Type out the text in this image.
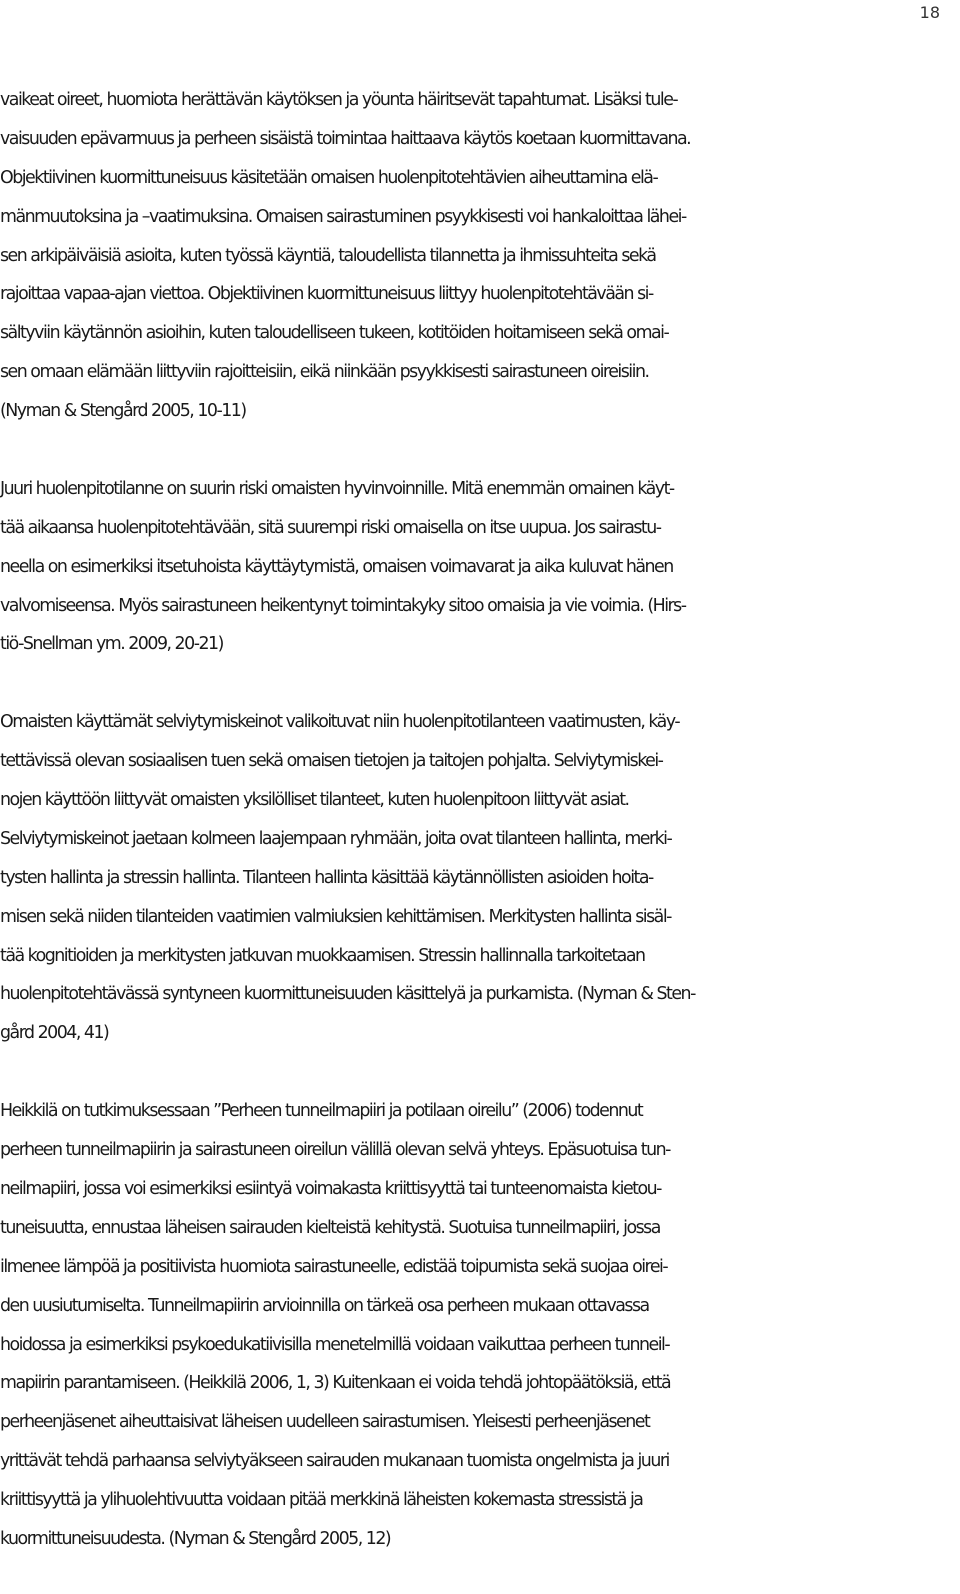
18
vaikeat oireet, huomiota herättävän käytöksen ja yöunta häiritsevät tapahtumat. Lisäksi tule-
vaisuuden epävarmuus ja perheen sisäistä toimintaa haittaava käytös koetaan kuormittavana.
Objektiivinen kuormittuneisuus käsitetään omaisen huolenpitotehtävien aiheuttamina elä-
mänmuutoksina ja –vaatimuksina. Omaisen sairastuminen psyykkisesti voi hankaloittaa lähei-
sen arkipäiväisiä asioita, kuten työssä käyntiä, taloudellista tilannetta ja ihmissuhteita sekä
rajoittaa vapaa-ajan viettoa. Objektiivinen kuormittuneisuus liittyy huolenpitotehtävään si-
sältyviin käytännön asioihin, kuten taloudelliseen tukeen, kotitöiden hoitamiseen sekä omai-
sen omaan elämään liittyviin rajoitteisiin, eikä niinkään psyykkisesti sairastuneen oireisiin.
(Nyman & Stengård 2005, 10-11)
Juuri huolenpitotilanne on suurin riski omaisten hyvinvoinnille. Mitä enemmän omainen käyt-
tää aikaansa huolenpitotehtävään, sitä suurempi riski omaisella on itse uupua. Jos sairastu-
neella on esimerkiksi itsetuhoista käyttäytymistä, omaisen voimavarat ja aika kuluvat hänen
valvomiseensa. Myös sairastuneen heikentynyt toimintakyky sitoo omaisia ja vie voimia. (Hirs-
tiö-Snellman ym. 2009, 20-21)
Omaisten käyttämät selviytymiskeinot valikoituvat niin huolenpitotilanteen vaatimusten, käy-
tettävissä olevan sosiaalisen tuen sekä omaisen tietojen ja taitojen pohjalta. Selviytymiskei-
nojen käyttöön liittyvät omaisten yksilölliset tilanteet, kuten huolenpitoon liittyvät asiat.
Selviytymiskeinot jaetaan kolmeen laajempaan ryhmään, joita ovat tilanteen hallinta, merki-
tysten hallinta ja stressin hallinta. Tilanteen hallinta käsittää käytännöllisten asioiden hoita-
misen sekä niiden tilanteiden vaatimien valmiuksien kehittämisen. Merkitysten hallinta sisäl-
tää kognitioiden ja merkitysten jatkuvan muokkaamisen. Stressin hallinnalla tarkoitetaan
huolenpitotehtävässä syntyneen kuormittuneisuuden käsittelyä ja purkamista. (Nyman & Sten-
gård 2004, 41)
Heikkilä on tutkimuksessaan ”Perheen tunneilmapiiri ja potilaan oireilu” (2006) todennut
perheen tunneilmapiirin ja sairastuneen oireilun välillä olevan selvä yhteys. Epäsuotuisa tun-
neilmapiiri, jossa voi esimerkiksi esiintyä voimakasta kriittisyyttä tai tunteenomaista kietou-
tuneisuutta, ennustaa läheisen sairauden kielteistä kehitystä. Suotuisa tunneilmapiiri, jossa
ilmenee lämpöä ja positiivista huomiota sairastuneelle, edistää toipumista sekä suojaa oirei-
den uusiutumiselta. Tunneilmapiirin arvioinnilla on tärkeä osa perheen mukaan ottavassa
hoidossa ja esimerkiksi psykoedukatiivisilla menetelmillä voidaan vaikuttaa perheen tunneil-
mapiirin parantamiseen. (Heikkilä 2006, 1, 3) Kuitenkaan ei voida tehdä johtopäätöksiä, että
perheenjäsenet aiheuttaisivat läheisen uudelleen sairastumisen. Yleisesti perheenjäsenet
yrittävät tehdä parhaansa selviytyäkseen sairauden mukanaan tuomista ongelmista ja juuri
kriittisyyttä ja ylihuolehtivuutta voidaan pitää merkkinä läheisten kokemasta stressistä ja
kuormittuneisuudesta. (Nyman & Stengård 2005, 12)
